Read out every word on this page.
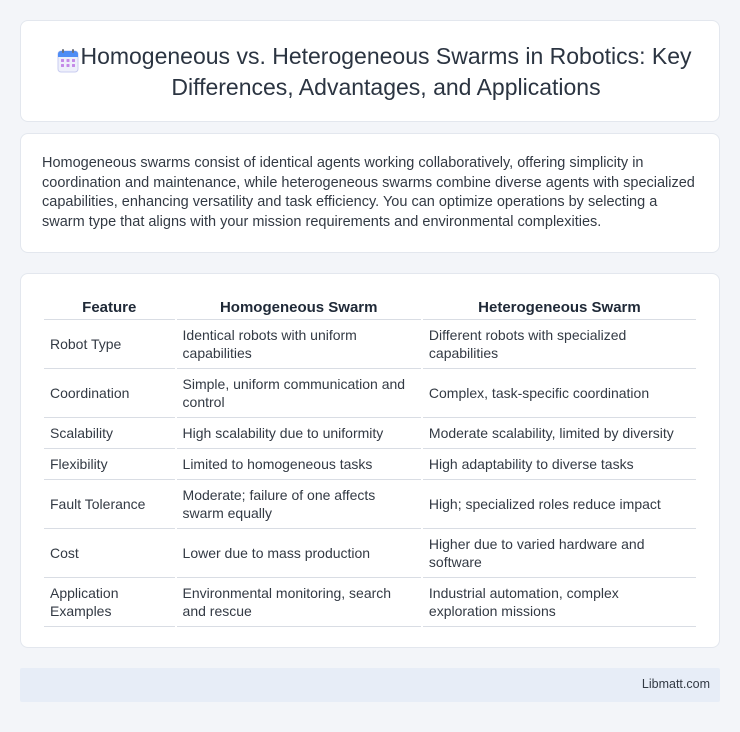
Homogeneous vs. Heterogeneous Swarms in Robotics: Key Differences, Advantages, and Applications

Homogeneous swarms consist of identical agents working collaboratively, offering simplicity in coordination and maintenance, while heterogeneous swarms combine diverse agents with specialized capabilities, enhancing versatility and task efficiency. You can optimize operations by selecting a swarm type that aligns with your mission requirements and environmental complexities.

Feature	Homogeneous Swarm	Heterogeneous Swarm
Robot Type	Identical robots with uniform capabilities	Different robots with specialized capabilities
Coordination	Simple, uniform communication and control	Complex, task-specific coordination
Scalability	High scalability due to uniformity	Moderate scalability, limited by diversity
Flexibility	Limited to homogeneous tasks	High adaptability to diverse tasks
Fault Tolerance	Moderate; failure of one affects swarm equally	High; specialized roles reduce impact
Cost	Lower due to mass production	Higher due to varied hardware and software
Application Examples	Environmental monitoring, search and rescue	Industrial automation, complex exploration missions
Libmatt.com
